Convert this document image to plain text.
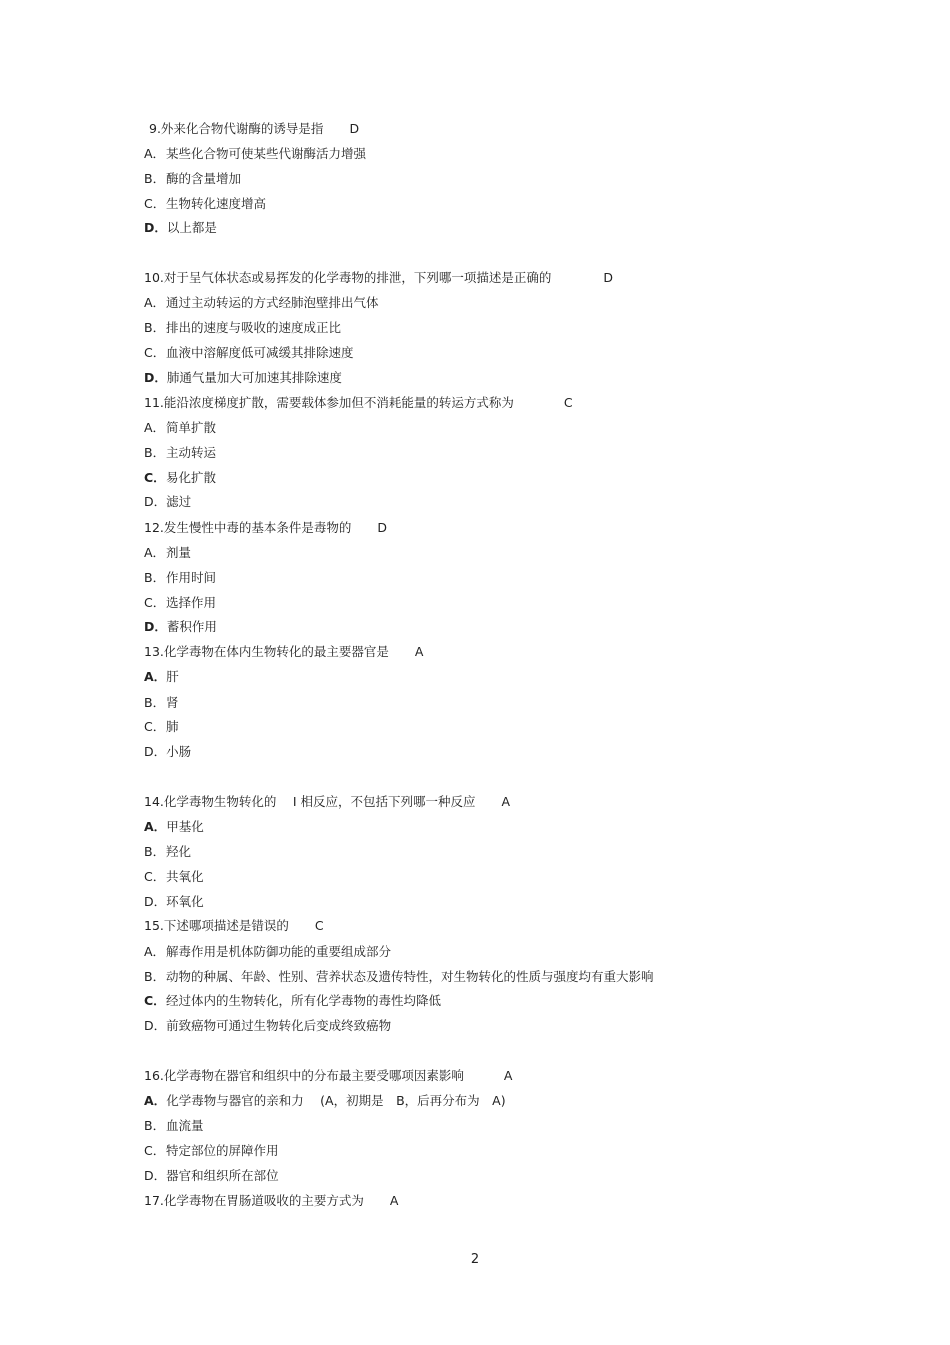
9.外来化合物代谢酶的诱导是指 D
A．某些化合物可使某些代谢酶活力增强
B．酶的含量增加
C．生物转化速度增高
D．以上都是
10.对于呈气体状态或易挥发的化学毒物的排泄，下列哪一项描述是正确的	D
A．通过主动转运的方式经肺泡壁排出气体
B．排出的速度与吸收的速度成正比
C．血液中溶解度低可减缓其排除速度
D．肺通气量加大可加速其排除速度
11.能沿浓度梯度扩散，需要载体参加但不消耗能量的转运方式称为	C
A．简单扩散
B．主动转运
C．易化扩散
D．滤过
12.发生慢性中毒的基本条件是毒物的 D
A．剂量
B．作用时间
C．选择作用
D．蓄积作用
13.化学毒物在体内生物转化的最主要器官是 A
A．肝
B．肾
C．肺
D．小肠
14.化学毒物生物转化的　 I 相反应，不包括下列哪一种反应 A
A．甲基化
B．羟化
C．共氧化
D．环氧化
15.下述哪项描述是错误的 C
A．解毒作用是机体防御功能的重要组成部分
B．动物的种属、年龄、性别、营养状态及遗传特性，对生物转化的性质与强度均有重大影响
C．经过体内的生物转化，所有化学毒物的毒性均降低
D．前致癌物可通过生物转化后变成终致癌物
16.化学毒物在器官和组织中的分布最主要受哪项因素影响	A
A．化学毒物与器官的亲和力　 (A，初期是　B，后再分布为　A)
B．血流量
C．特定部位的屏障作用
D．器官和组织所在部位
17.化学毒物在胃肠道吸收的主要方式为 A
2
